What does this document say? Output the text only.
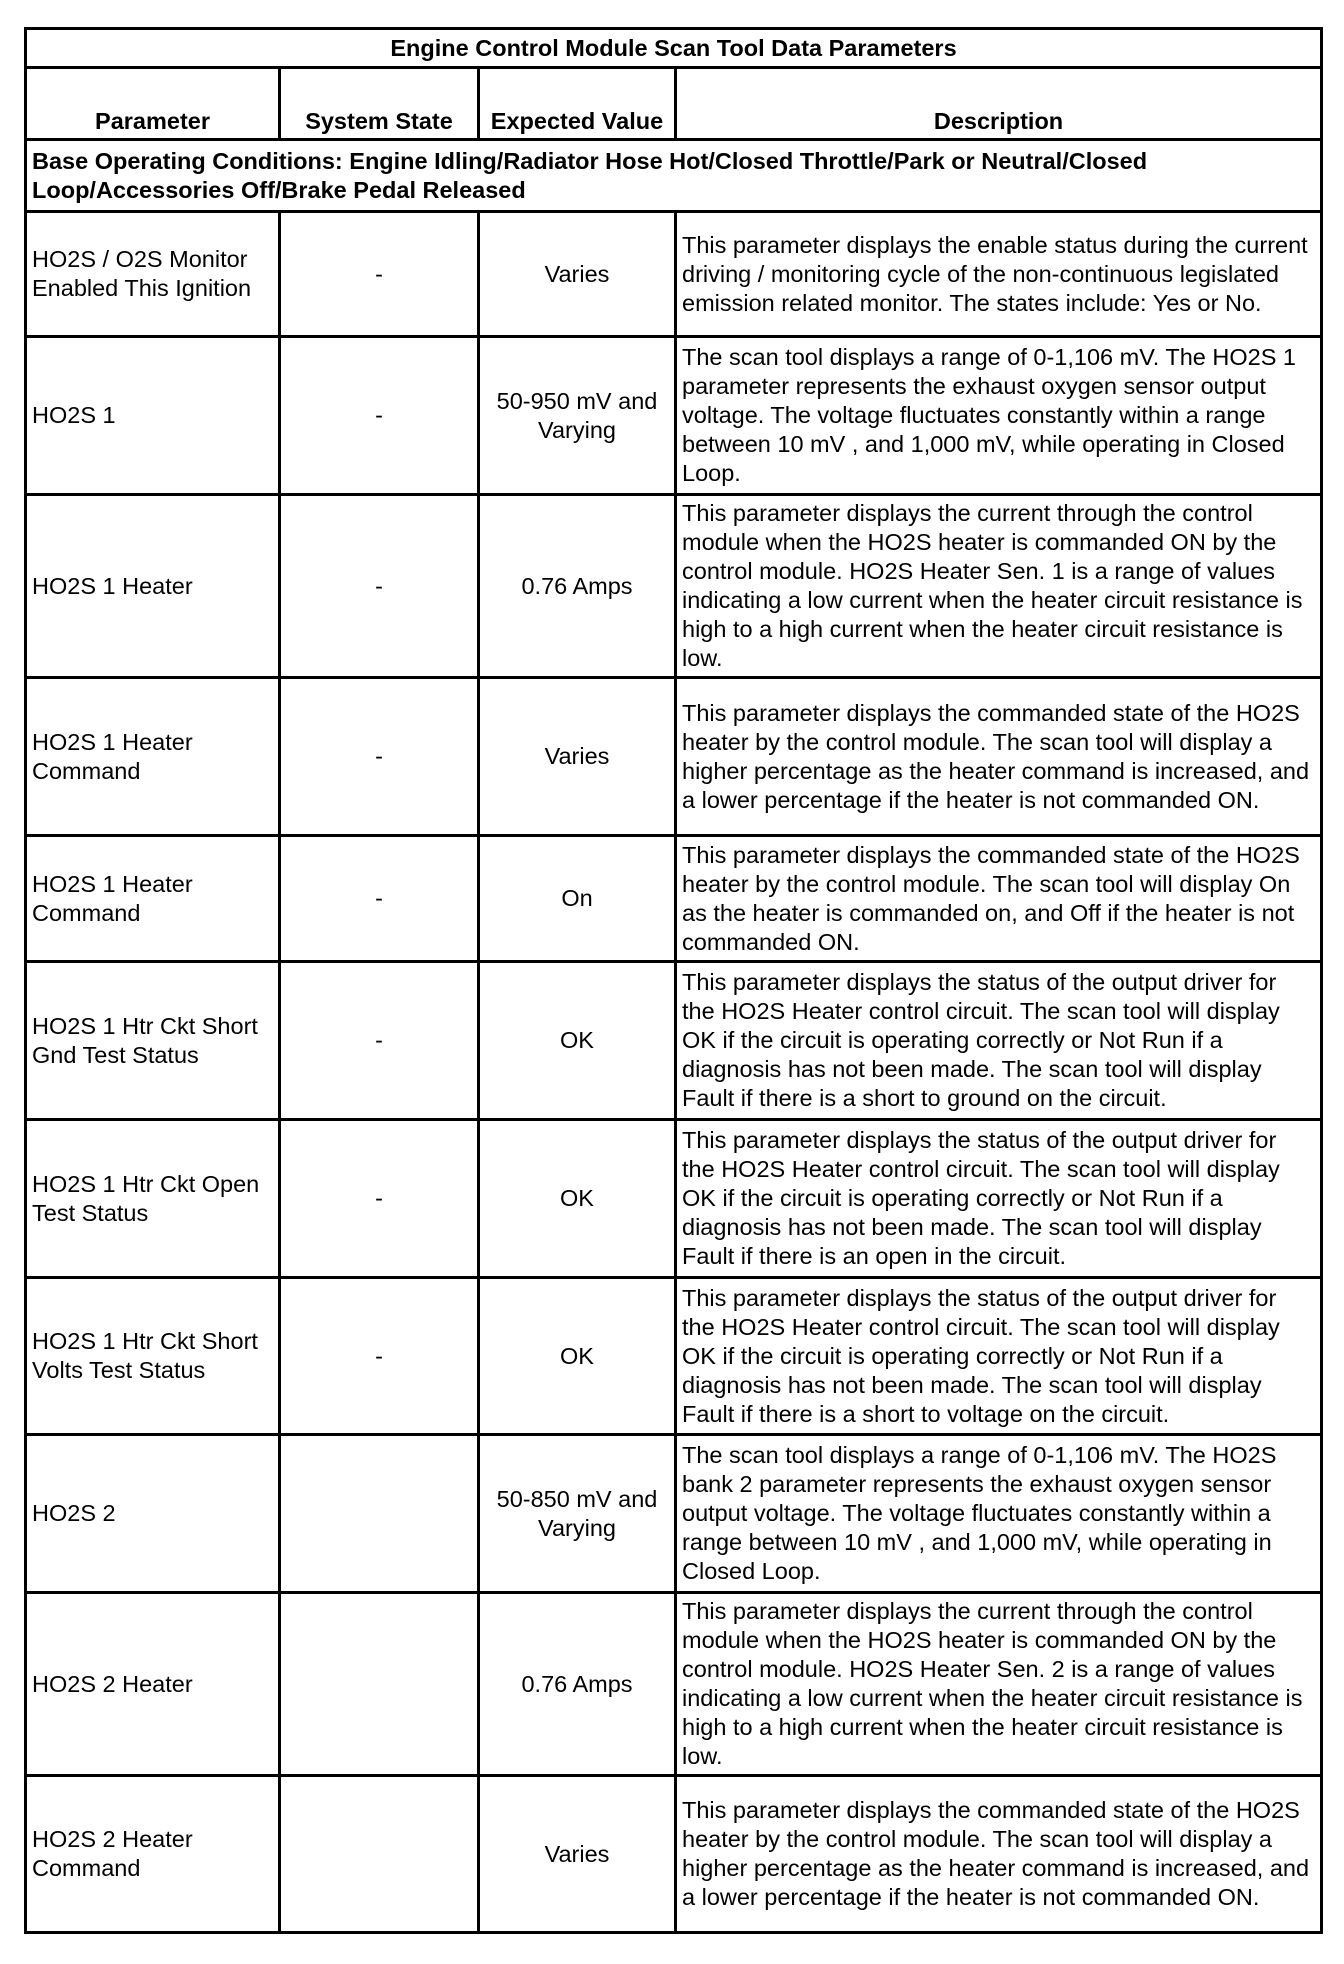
Engine Control Module Scan Tool Data Parameters			
Parameter	System State	Expected Value	Description
Base Operating Conditions: Engine Idling/Radiator Hose Hot/Closed Throttle/Park or Neutral/Closed Loop/Accessories Off/Brake Pedal Released			
HO2S / O2S Monitor Enabled This Ignition	-	Varies	This parameter displays the enable status during the current driving / monitoring cycle of the non-continuous legislated emission related monitor. The states include: Yes or No.
HO2S 1	-	50-950 mV and Varying	The scan tool displays a range of 0-1,106 mV. The HO2S 1 parameter represents the exhaust oxygen sensor output voltage. The voltage fluctuates constantly within a range between 10 mV , and 1,000 mV, while operating in Closed Loop.
HO2S 1 Heater	-	0.76 Amps	This parameter displays the current through the control module when the HO2S heater is commanded ON by the control module. HO2S Heater Sen. 1 is a range of values indicating a low current when the heater circuit resistance is high to a high current when the heater circuit resistance is low.
HO2S 1 Heater Command	-	Varies	This parameter displays the commanded state of the HO2S heater by the control module. The scan tool will display a higher percentage as the heater command is increased, and a lower percentage if the heater is not commanded ON.
HO2S 1 Heater Command	-	On	This parameter displays the commanded state of the HO2S heater by the control module. The scan tool will display On as the heater is commanded on, and Off if the heater is not commanded ON.
HO2S 1 Htr Ckt Short Gnd Test Status	-	OK	This parameter displays the status of the output driver for the HO2S Heater control circuit. The scan tool will display OK if the circuit is operating correctly or Not Run if a diagnosis has not been made. The scan tool will display Fault if there is a short to ground on the circuit.
HO2S 1 Htr Ckt Open Test Status	-	OK	This parameter displays the status of the output driver for the HO2S Heater control circuit. The scan tool will display OK if the circuit is operating correctly or Not Run if a diagnosis has not been made. The scan tool will display Fault if there is an open in the circuit.
HO2S 1 Htr Ckt Short Volts Test Status	-	OK	This parameter displays the status of the output driver for the HO2S Heater control circuit. The scan tool will display OK if the circuit is operating correctly or Not Run if a diagnosis has not been made. The scan tool will display Fault if there is a short to voltage on the circuit.
HO2S 2		50-850 mV and Varying	The scan tool displays a range of 0-1,106 mV. The HO2S bank 2 parameter represents the exhaust oxygen sensor output voltage. The voltage fluctuates constantly within a range between 10 mV , and 1,000 mV, while operating in Closed Loop.
HO2S 2 Heater		0.76 Amps	This parameter displays the current through the control module when the HO2S heater is commanded ON by the control module. HO2S Heater Sen. 2 is a range of values indicating a low current when the heater circuit resistance is high to a high current when the heater circuit resistance is low.
HO2S 2 Heater Command		Varies	This parameter displays the commanded state of the HO2S heater by the control module. The scan tool will display a higher percentage as the heater command is increased, and a lower percentage if the heater is not commanded ON.
